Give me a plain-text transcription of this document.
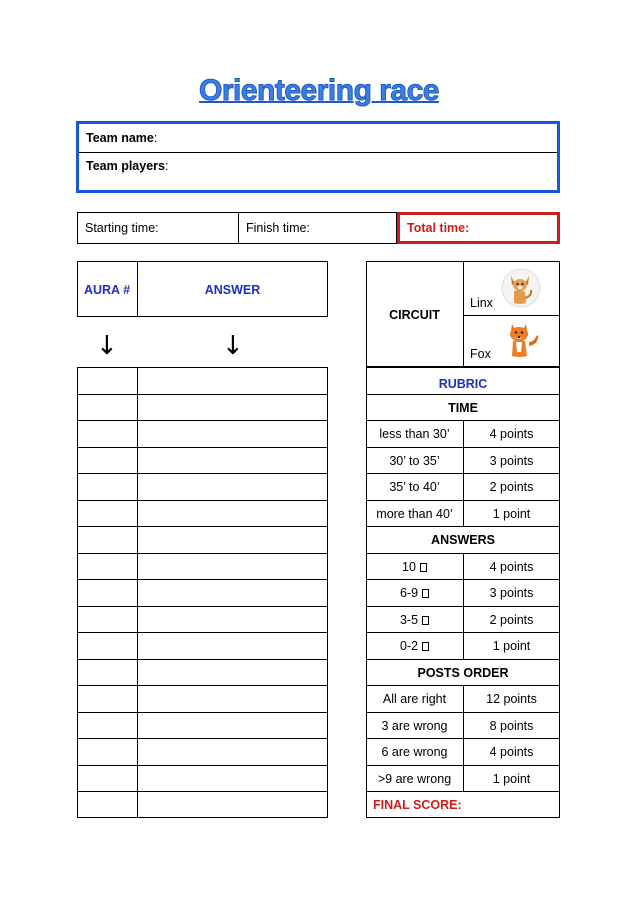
Orienteering race
Team name:
Team players:
Starting time:	Finish time:	Total time:
AURA #	ANSWER
↓	↓
CIRCUIT
Linx
Fox
RUBRIC
TIME
less than 30’	4 points
30’ to 35’	3 points
35’ to 40’	2 points
more than 40’	1 point
ANSWERS
10	4 points
6-9	3 points
3-5	2 points
0-2	1 point
POSTS ORDER
All are right	12 points
3 are wrong	8 points
6 are wrong	4 points
>9 are wrong	1 point
FINAL SCORE:
